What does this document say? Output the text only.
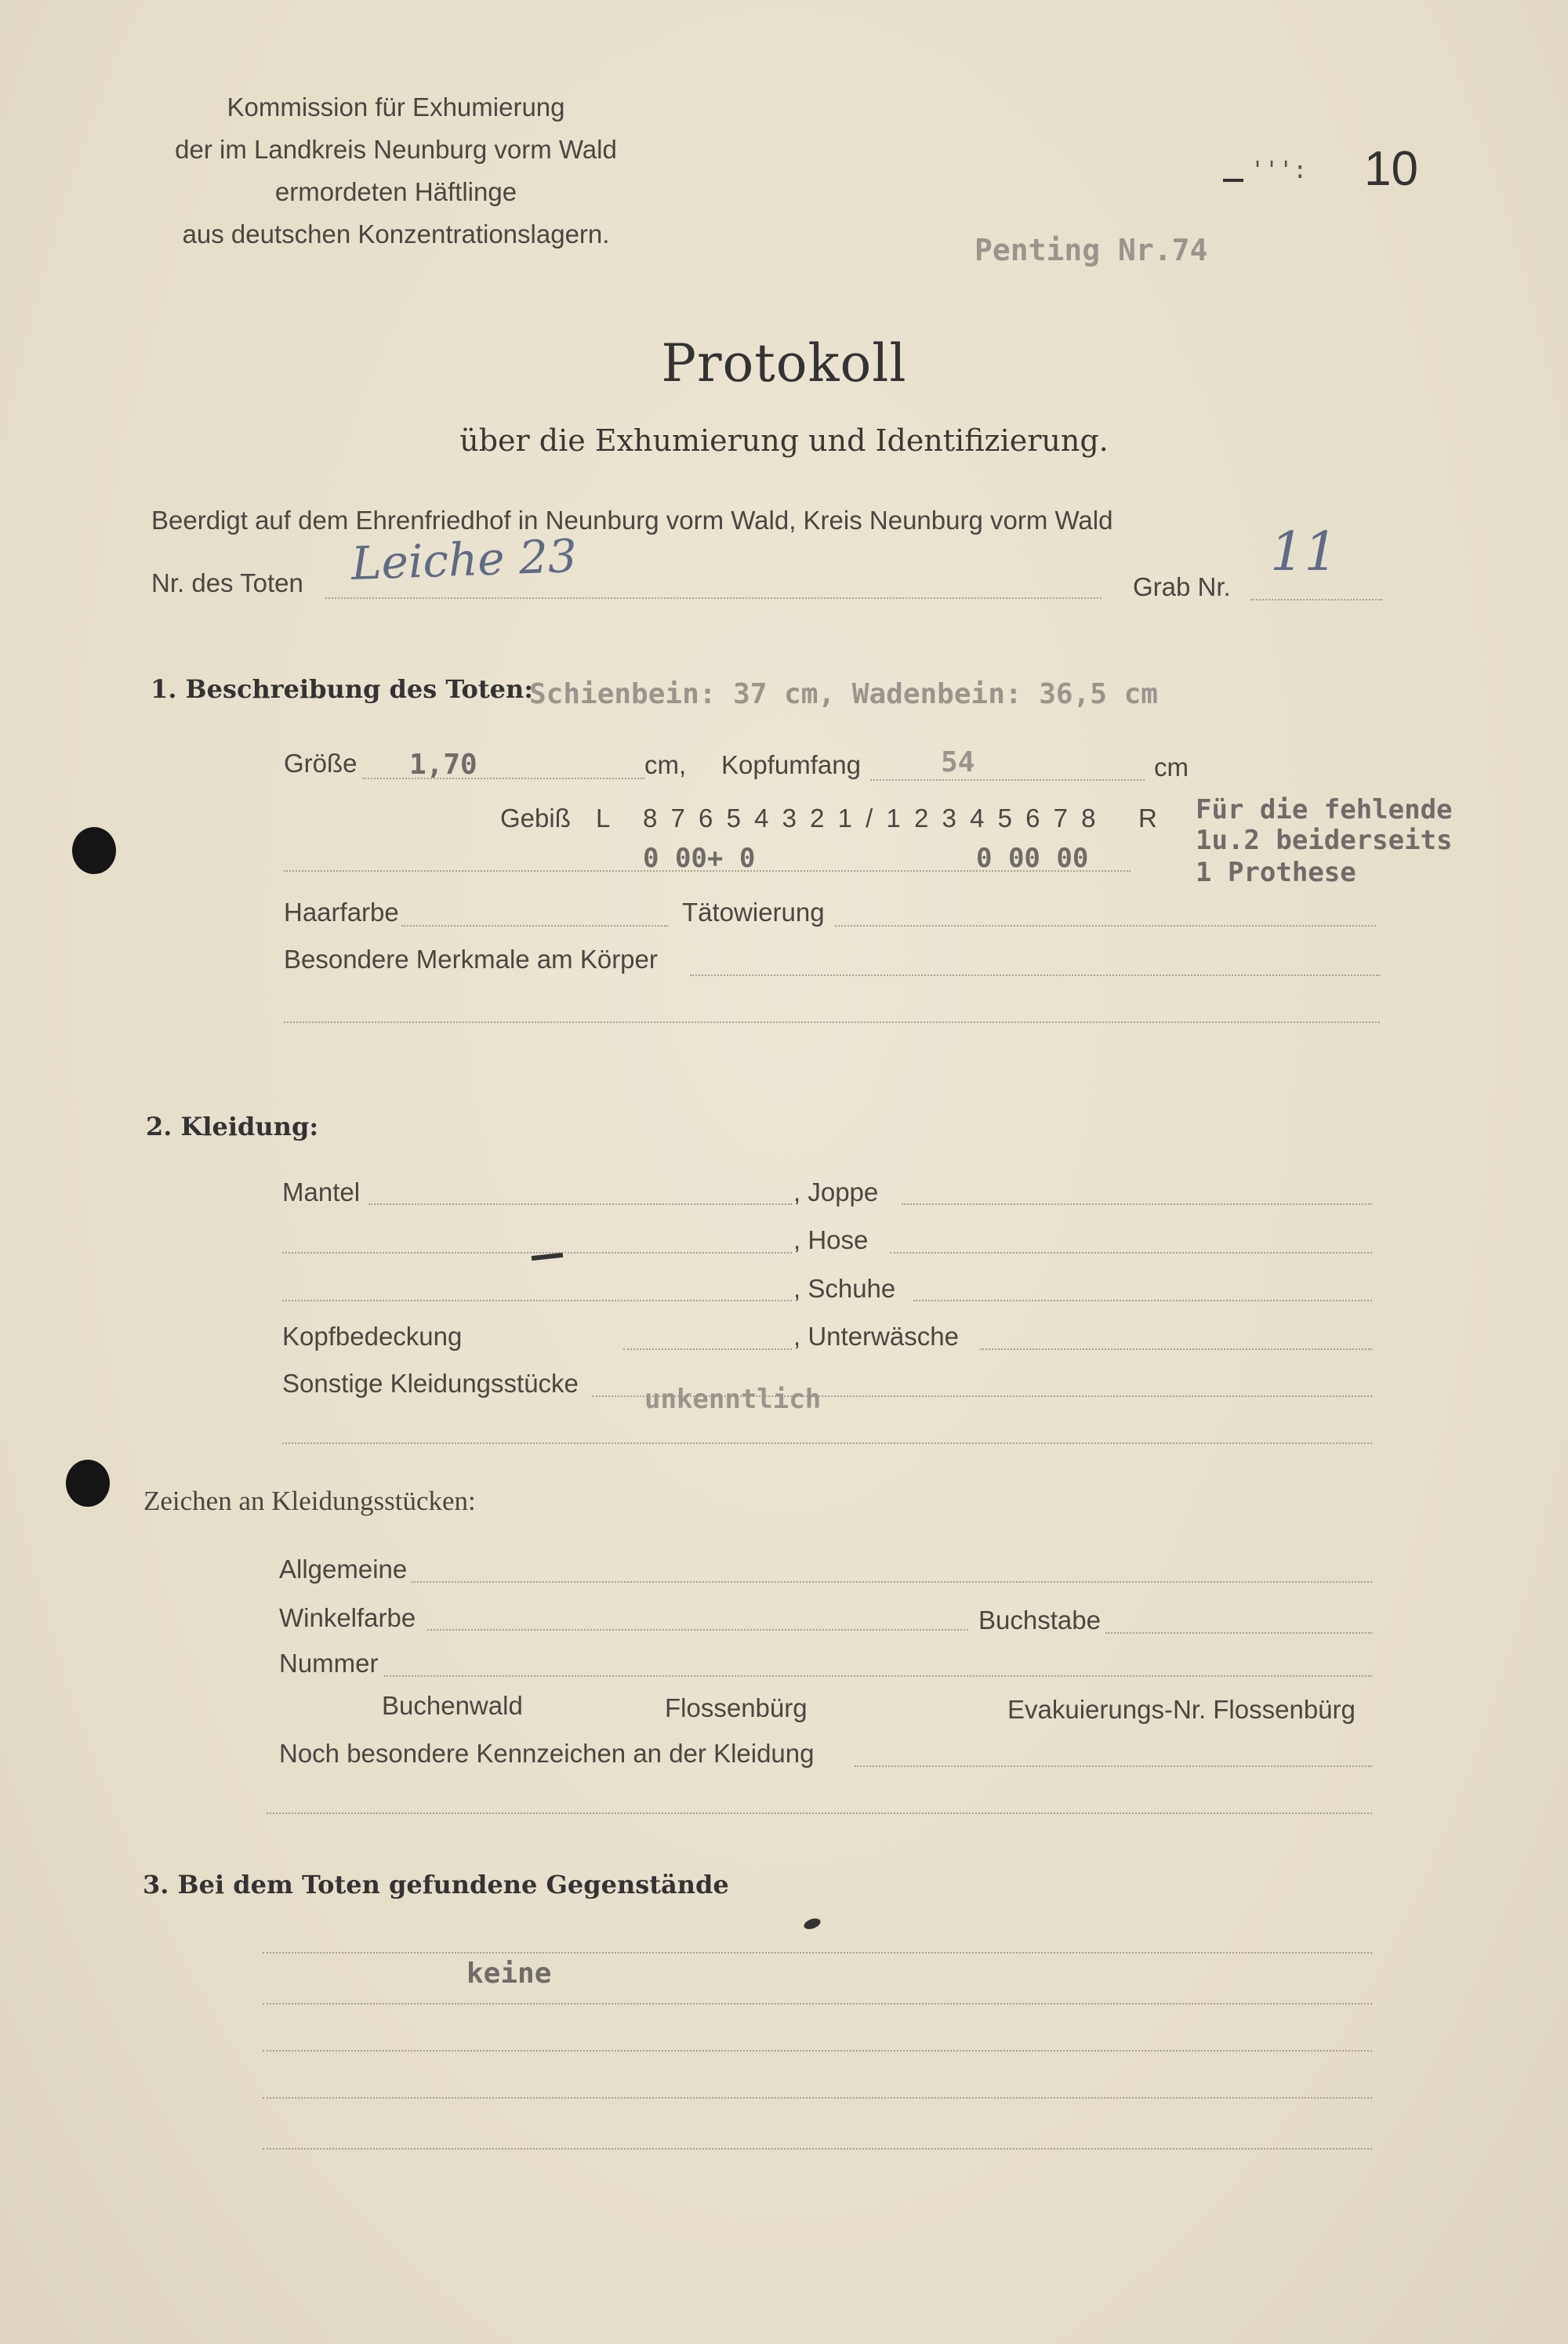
Kommission für Exhumierung
der im Landkreis Neunburg vorm Wald
ermordeten Häftlinge
aus deutschen Konzentrationslagern.
''': 10
Penting Nr.74
Protokoll
über die Exhumierung und Identifizierung.
Beerdigt auf dem Ehrenfriedhof in Neunburg vorm Wald, Kreis Neunburg vorm Wald
Nr. des Toten Leiche 23	Grab Nr.
11
1. Beschreibung des Toten:
Schienbein: 37 cm, Wadenbein: 36,5 cm
Größe 1,70	cm, Kopfumfang	54	cm
Gebiß L 8 7 6 5 4 3 2 1 / 1 2 3 4 5 6 7 8 R
0 00+ 0	0 00 00
Für die fehlende
1u.2 beiderseits
1 Prothese
Haarfarbe	Tätowierung
Besondere Merkmale am Körper
2. Kleidung:
Mantel	, Joppe
, Hose
, Schuhe
Kopfbedeckung	, Unterwäsche
Sonstige Kleidungsstücke
unkenntlich
Zeichen an Kleidungsstücken:
Allgemeine
Winkelfarbe	Buchstabe
Nummer
Buchenwald	Flossenbürg	Evakuierungs-Nr. Flossenbürg
Noch besondere Kennzeichen an der Kleidung
3. Bei dem Toten gefundene Gegenstände
keine
